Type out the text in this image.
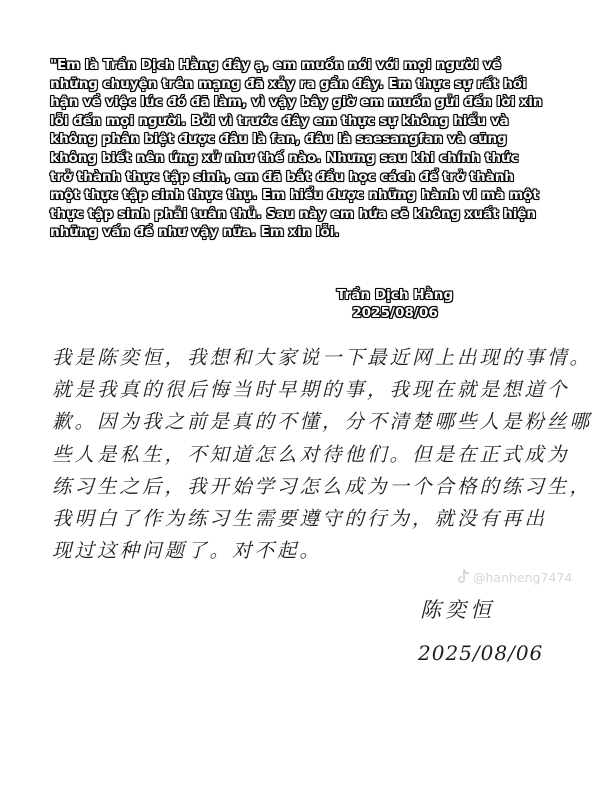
"Em là Trần Dịch Hằng đây ạ, em muốn nói với mọi người về
những chuyện trên mạng đã xảy ra gần đây. Em thực sự rất hối
hận về việc lúc đó đã làm, vì vậy bây giờ em muốn gửi đến lời xin
lỗi đến mọi người. Bởi vì trước đây em thực sự không hiểu và
không phân biệt được đâu là fan, đâu là saesangfan và cũng
không biết nên ứng xử như thế nào. Nhưng sau khi chính thức
trở thành thực tập sinh, em đã bắt đầu học cách để trở thành
một thực tập sinh thực thụ. Em hiểu được những hành vi mà một
thực tập sinh phải tuân thủ. Sau này em hứa sẽ không xuất hiện
những vấn đề như vậy nữa. Em xin lỗi.
Trần Dịch Hằng
2025/08/06
我是陈奕恒，我想和大家说一下最近网上出现的事情。
就是我真的很后悔当时早期的事，我现在就是想道个
歉。因为我之前是真的不懂，分不清楚哪些人是粉丝哪
些人是私生，不知道怎么对待他们。但是在正式成为
练习生之后，我开始学习怎么成为一个合格的练习生，
我明白了作为练习生需要遵守的行为，就没有再出
现过这种问题了。对不起。
@hanheng7474
陈奕恒
2025/08/06
